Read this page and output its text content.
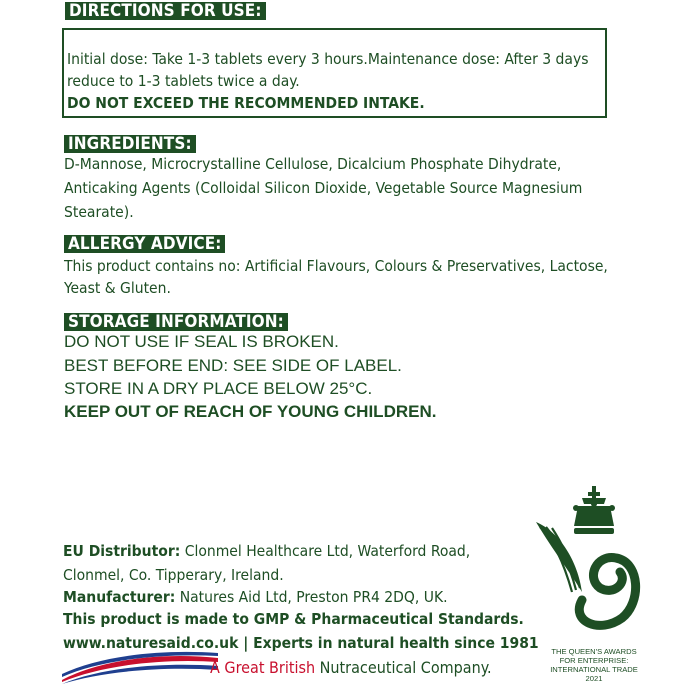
DIRECTIONS FOR USE:
Initial dose: Take 1-3 tablets every 3 hours.Maintenance dose: After 3 days
reduce to 1-3 tablets twice a day.
DO NOT EXCEED THE RECOMMENDED INTAKE.
INGREDIENTS:
D-Mannose, Microcrystalline Cellulose, Dicalcium Phosphate Dihydrate,
Anticaking Agents (Colloidal Silicon Dioxide, Vegetable Source Magnesium
Stearate).
ALLERGY ADVICE:
This product contains no: Artificial Flavours, Colours & Preservatives, Lactose,
Yeast & Gluten.
STORAGE INFORMATION:
DO NOT USE IF SEAL IS BROKEN.
BEST BEFORE END: SEE SIDE OF LABEL.
STORE IN A DRY PLACE BELOW 25°C.
KEEP OUT OF REACH OF YOUNG CHILDREN.
EU Distributor: Clonmel Healthcare Ltd, Waterford Road,
Clonmel, Co. Tipperary, Ireland.
Manufacturer: Natures Aid Ltd, Preston PR4 2DQ, UK.
This product is made to GMP & Pharmaceutical Standards.
www.naturesaid.co.uk | Experts in natural health since 1981
A Great British Nutraceutical Company.
THE QUEEN'S AWARDS
FOR ENTERPRISE:
INTERNATIONAL TRADE
2021
